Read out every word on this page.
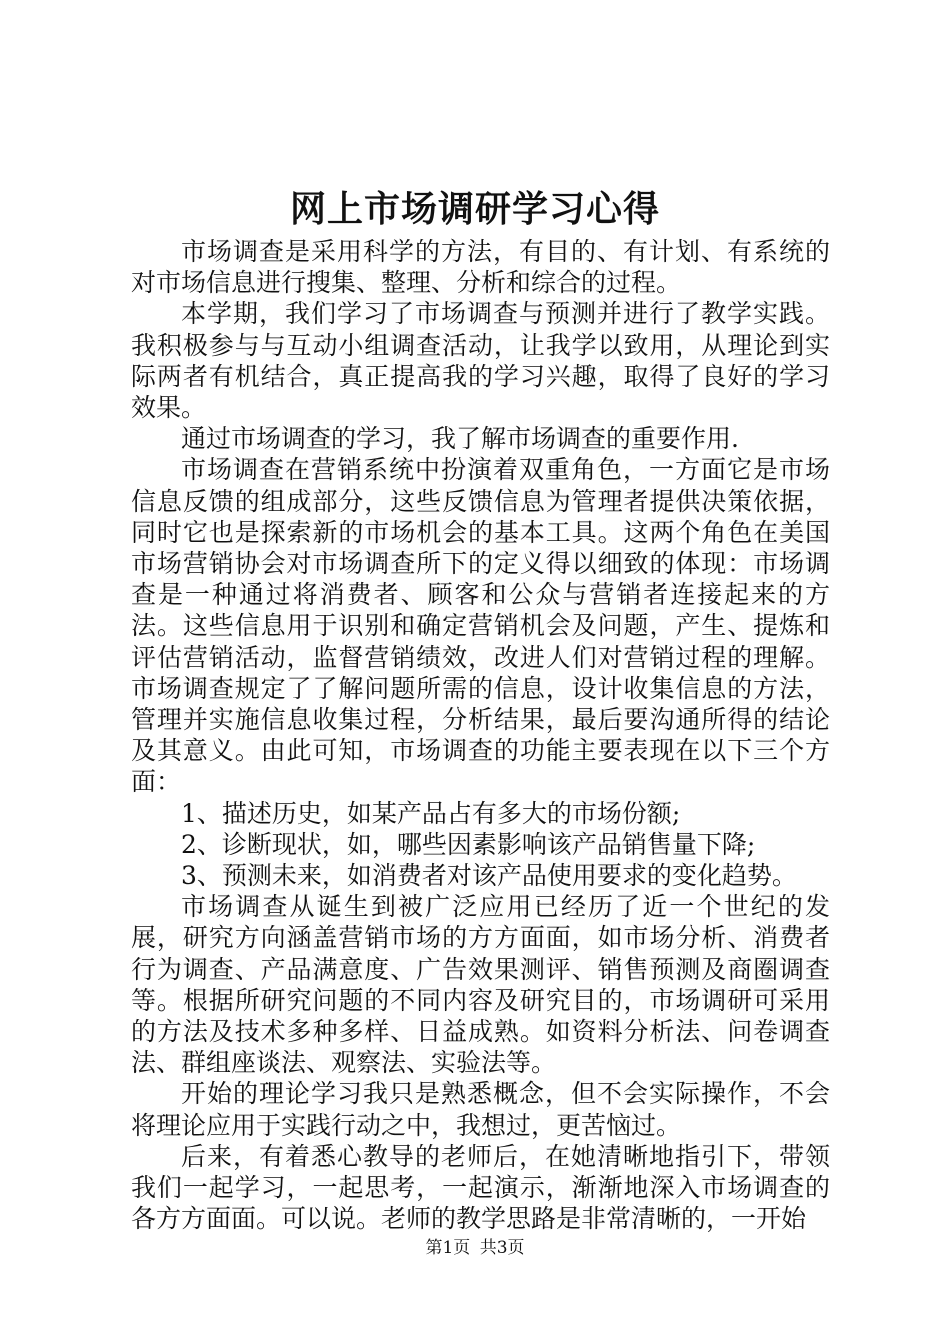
网上市场调研学习心得

市场调查是采用科学的方法，有目的、有计划、有系统的对市场信息进行搜集、整理、分析和综合的过程。

本学期，我们学习了市场调查与预测并进行了教学实践。我积极参与与互动小组调查活动，让我学以致用，从理论到实际两者有机结合，真正提高我的学习兴趣，取得了良好的学习效果。

通过市场调查的学习，我了解市场调查的重要作用.

市场调查在营销系统中扮演着双重角色，一方面它是市场信息反馈的组成部分，这些反馈信息为管理者提供决策依据，同时它也是探索新的市场机会的基本工具。这两个角色在美国市场营销协会对市场调查所下的定义得以细致的体现：市场调查是一种通过将消费者、顾客和公众与营销者连接起来的方法。这些信息用于识别和确定营销机会及问题，产生、提炼和评估营销活动，监督营销绩效，改进人们对营销过程的理解。市场调查规定了了解问题所需的信息，设计收集信息的方法，管理并实施信息收集过程，分析结果，最后要沟通所得的结论及其意义。由此可知，市场调查的功能主要表现在以下三个方面：

1、描述历史，如某产品占有多大的市场份额;

2、诊断现状，如，哪些因素影响该产品销售量下降;

3、预测未来，如消费者对该产品使用要求的变化趋势。

市场调查从诞生到被广泛应用已经历了近一个世纪的发展，研究方向涵盖营销市场的方方面面，如市场分析、消费者行为调查、产品满意度、广告效果测评、销售预测及商圈调查等。根据所研究问题的不同内容及研究目的，市场调研可采用的方法及技术多种多样、日益成熟。如资料分析法、问卷调查法、群组座谈法、观察法、实验法等。

开始的理论学习我只是熟悉概念，但不会实际操作，不会将理论应用于实践行动之中，我想过，更苦恼过。

后来，有着悉心教导的老师后，在她清晰地指引下，带领我们一起学习，一起思考，一起演示，渐渐地深入市场调查的各方方面面。可以说。老师的教学思路是非常清晰的，一开始

第1页 共3页
